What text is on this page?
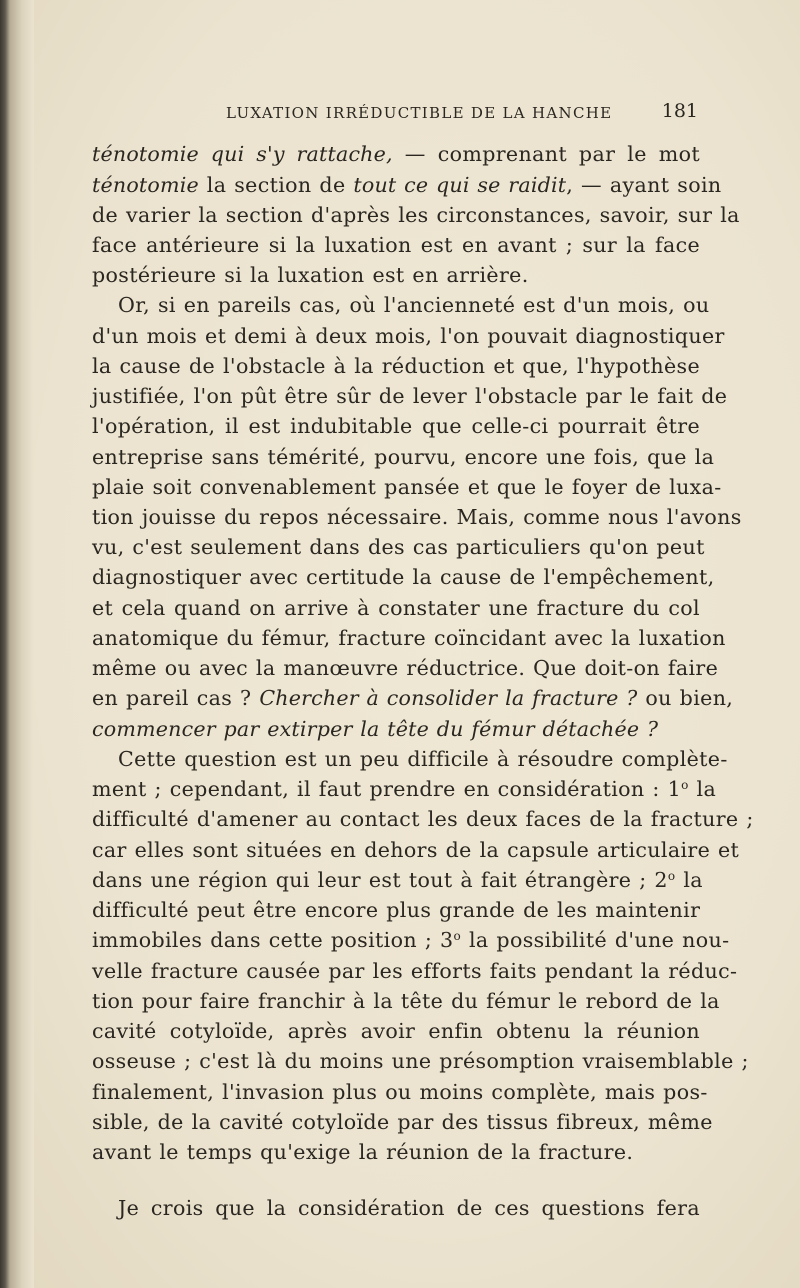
LUXATION IRRÉDUCTIBLE DE LA HANCHE	181
ténotomie qui s'y rattache, — comprenant par le mot
ténotomie la section de tout ce qui se raidit, — ayant soin
de varier la section d'après les circonstances, savoir, sur la
face antérieure si la luxation est en avant ; sur la face
postérieure si la luxation est en arrière.
Or, si en pareils cas, où l'ancienneté est d'un mois, ou
d'un mois et demi à deux mois, l'on pouvait diagnostiquer
la cause de l'obstacle à la réduction et que, l'hypothèse
justifiée, l'on pût être sûr de lever l'obstacle par le fait de
l'opération, il est indubitable que celle-ci pourrait être
entreprise sans témérité, pourvu, encore une fois, que la
plaie soit convenablement pansée et que le foyer de luxa-
tion jouisse du repos nécessaire. Mais, comme nous l'avons
vu, c'est seulement dans des cas particuliers qu'on peut
diagnostiquer avec certitude la cause de l'empêchement,
et cela quand on arrive à constater une fracture du col
anatomique du fémur, fracture coïncidant avec la luxation
même ou avec la manœuvre réductrice. Que doit-on faire
en pareil cas ? Chercher à consolider la fracture ? ou bien,
commencer par extirper la tête du fémur détachée ?
Cette question est un peu difficile à résoudre complète-
ment ; cependant, il faut prendre en considération : 1$^o$ la
difficulté d'amener au contact les deux faces de la fracture ;
car elles sont situées en dehors de la capsule articulaire et
dans une région qui leur est tout à fait étrangère ; 2$^o$ la
difficulté peut être encore plus grande de les maintenir
immobiles dans cette position ; 3$^o$ la possibilité d'une nou-
velle fracture causée par les efforts faits pendant la réduc-
tion pour faire franchir à la tête du fémur le rebord de la
cavité cotyloïde, après avoir enfin obtenu la réunion
osseuse ; c'est là du moins une présomption vraisemblable ;
finalement, l'invasion plus ou moins complète, mais pos-
sible, de la cavité cotyloïde par des tissus fibreux, même
avant le temps qu'exige la réunion de la fracture.
Je crois que la considération de ces questions fera
